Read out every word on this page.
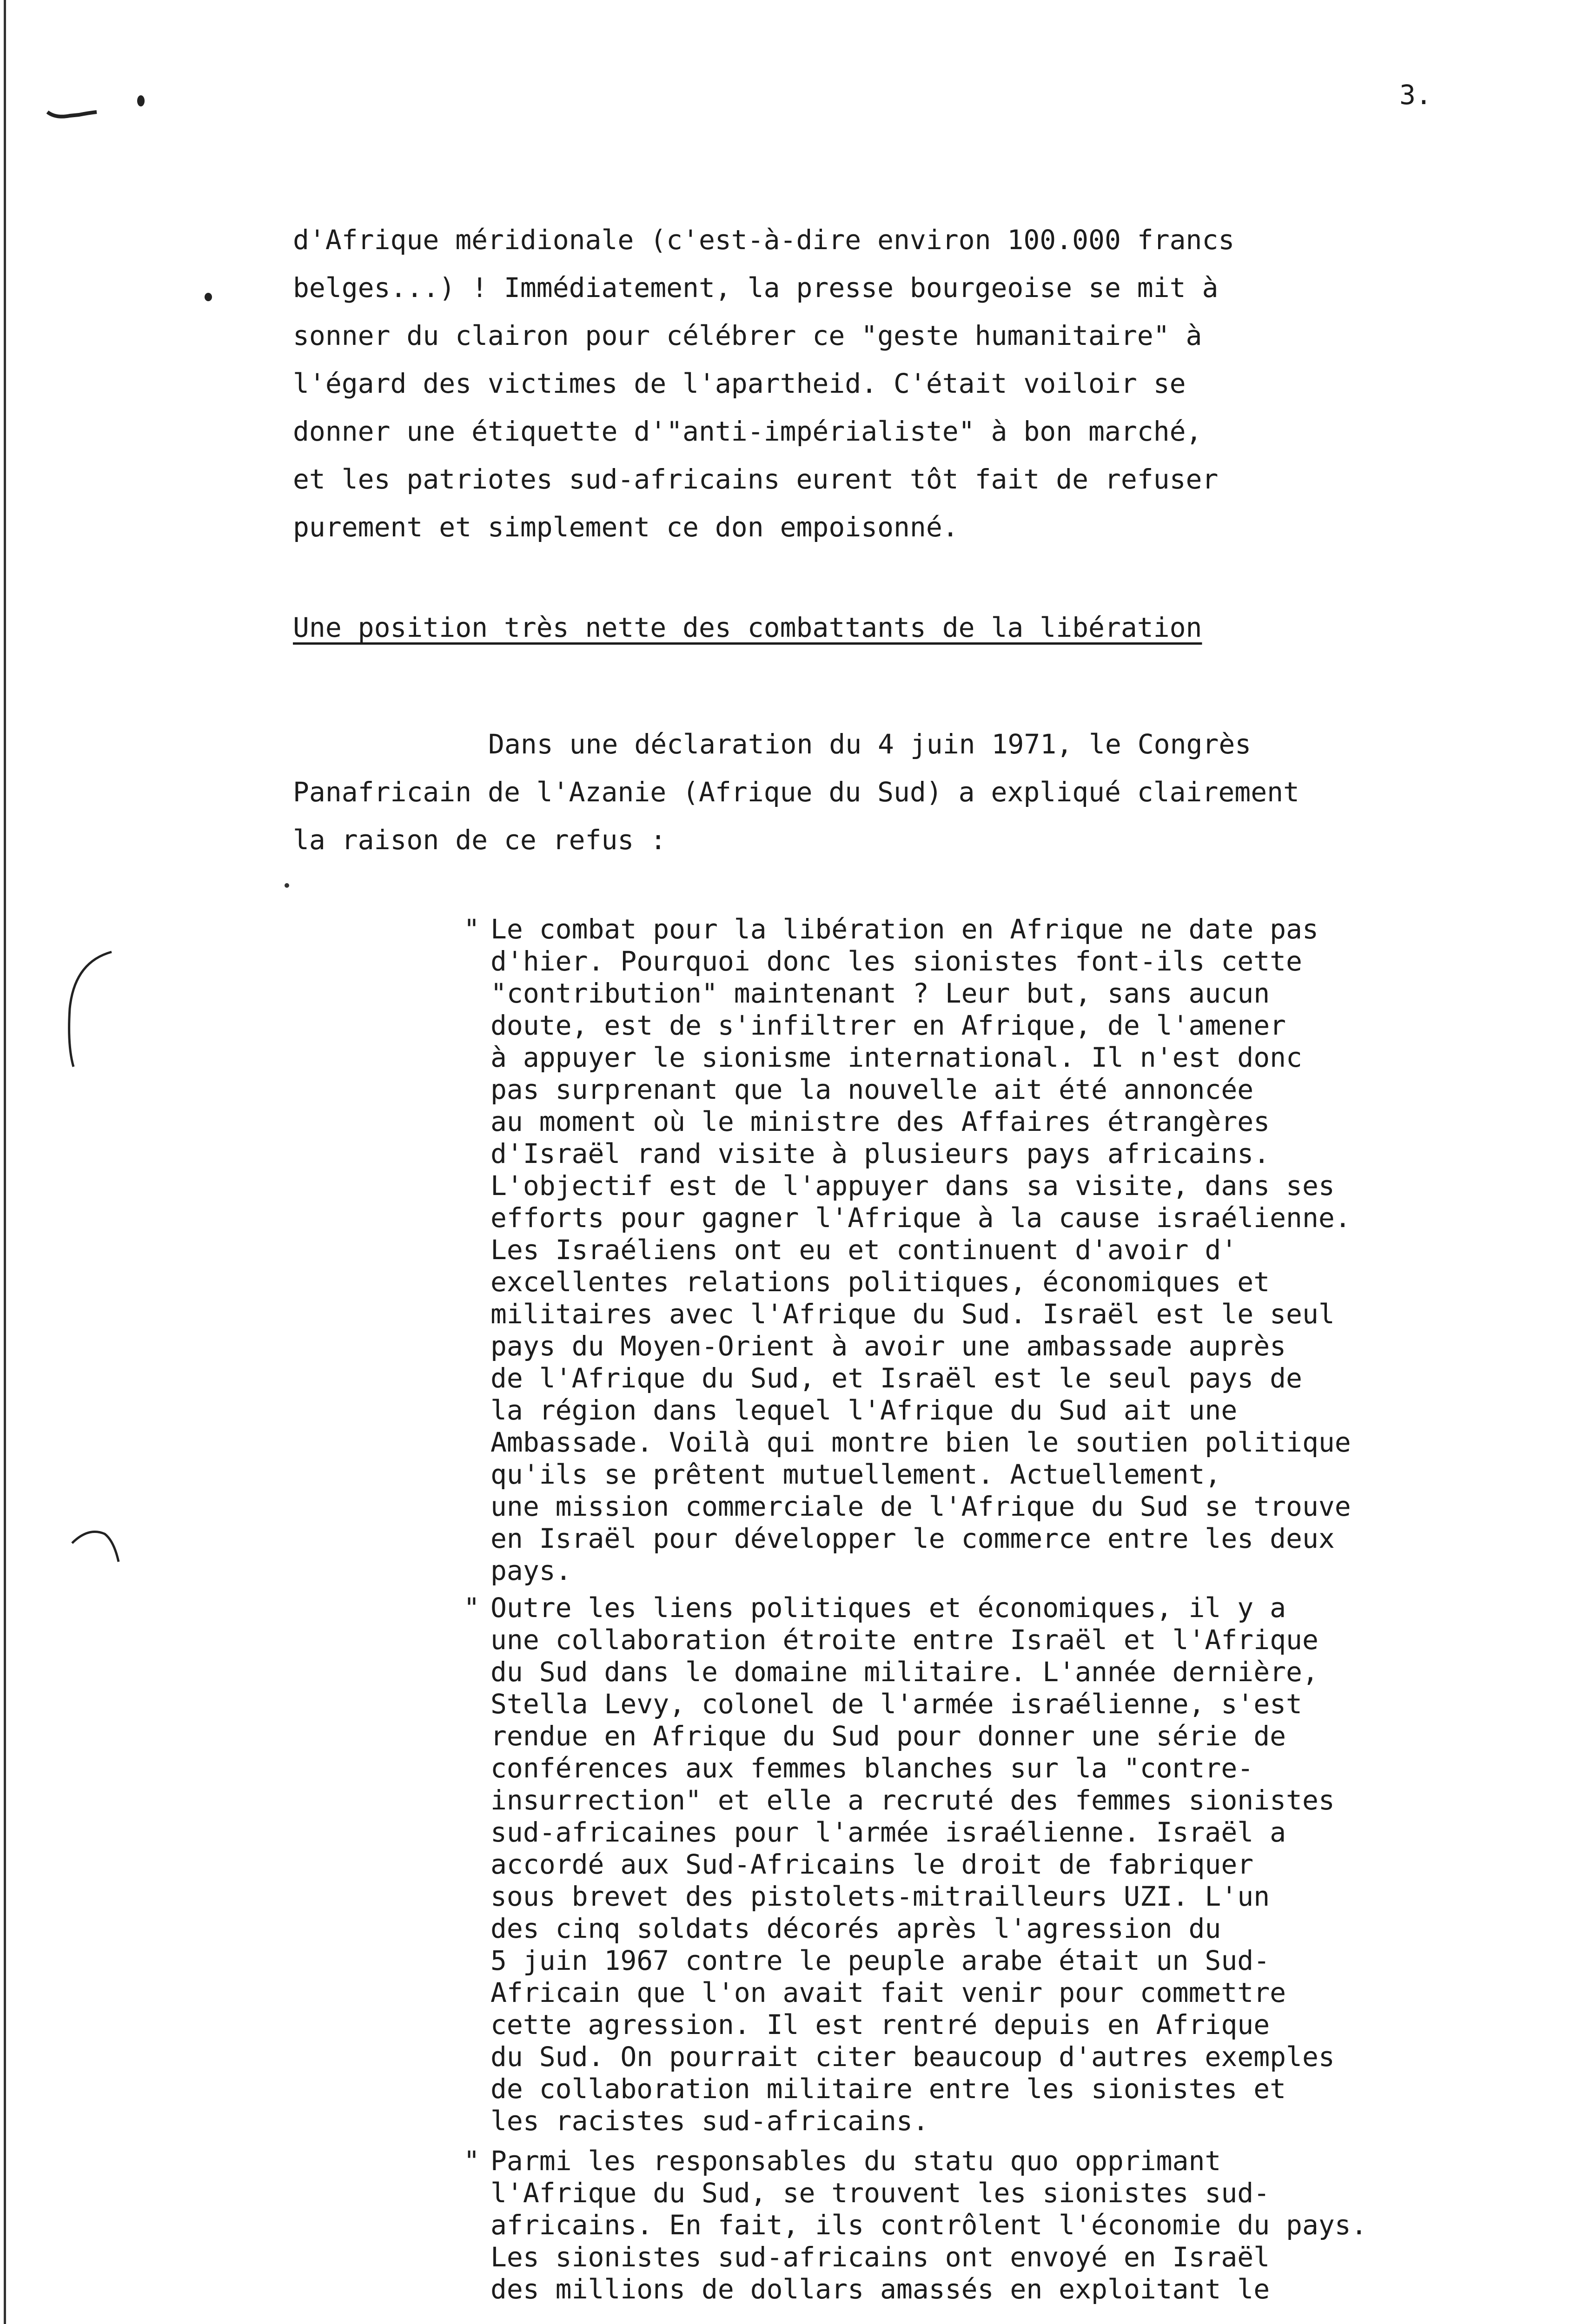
3.
d'Afrique méridionale (c'est-à-dire environ 100.000 francs
belges...) ! Immédiatement, la presse bourgeoise se mit à
sonner du clairon pour célébrer ce "geste humanitaire" à
l'égard des victimes de l'apartheid. C'était voiloir se
donner une étiquette d'"anti-impérialiste" à bon marché,
et les patriotes sud-africains eurent tôt fait de refuser
purement et simplement ce don empoisonné.
Une position très nette des combattants de la libération
Dans une déclaration du 4 juin 1971, le Congrès
Panafricain de l'Azanie (Afrique du Sud) a expliqué clairement
la raison de ce refus :
" Le combat pour la libération en Afrique ne date pas
d'hier. Pourquoi donc les sionistes font-ils cette
"contribution" maintenant ? Leur but, sans aucun
doute, est de s'infiltrer en Afrique, de l'amener
à appuyer le sionisme international. Il n'est donc
pas surprenant que la nouvelle ait été annoncée
au moment où le ministre des Affaires étrangères
d'Israël rand visite à plusieurs pays africains.
L'objectif est de l'appuyer dans sa visite, dans ses
efforts pour gagner l'Afrique à la cause israélienne.
Les Israéliens ont eu et continuent d'avoir d'
excellentes relations politiques, économiques et
militaires avec l'Afrique du Sud. Israël est le seul
pays du Moyen-Orient à avoir une ambassade auprès
de l'Afrique du Sud, et Israël est le seul pays de
la région dans lequel l'Afrique du Sud ait une
Ambassade. Voilà qui montre bien le soutien politique
qu'ils se prêtent mutuellement. Actuellement,
une mission commerciale de l'Afrique du Sud se trouve
en Israël pour développer le commerce entre les deux
pays.
" Outre les liens politiques et économiques, il y a
une collaboration étroite entre Israël et l'Afrique
du Sud dans le domaine militaire. L'année dernière,
Stella Levy, colonel de l'armée israélienne, s'est
rendue en Afrique du Sud pour donner une série de
conférences aux femmes blanches sur la "contre-
insurrection" et elle a recruté des femmes sionistes
sud-africaines pour l'armée israélienne. Israël a
accordé aux Sud-Africains le droit de fabriquer
sous brevet des pistolets-mitrailleurs UZI. L'un
des cinq soldats décorés après l'agression du
5 juin 1967 contre le peuple arabe était un Sud-
Africain que l'on avait fait venir pour commettre
cette agression. Il est rentré depuis en Afrique
du Sud. On pourrait citer beaucoup d'autres exemples
de collaboration militaire entre les sionistes et
les racistes sud-africains.
" Parmi les responsables du statu quo opprimant
l'Afrique du Sud, se trouvent les sionistes sud-
africains. En fait, ils contrôlent l'économie du pays.
Les sionistes sud-africains ont envoyé en Israël
des millions de dollars amassés en exploitant le
